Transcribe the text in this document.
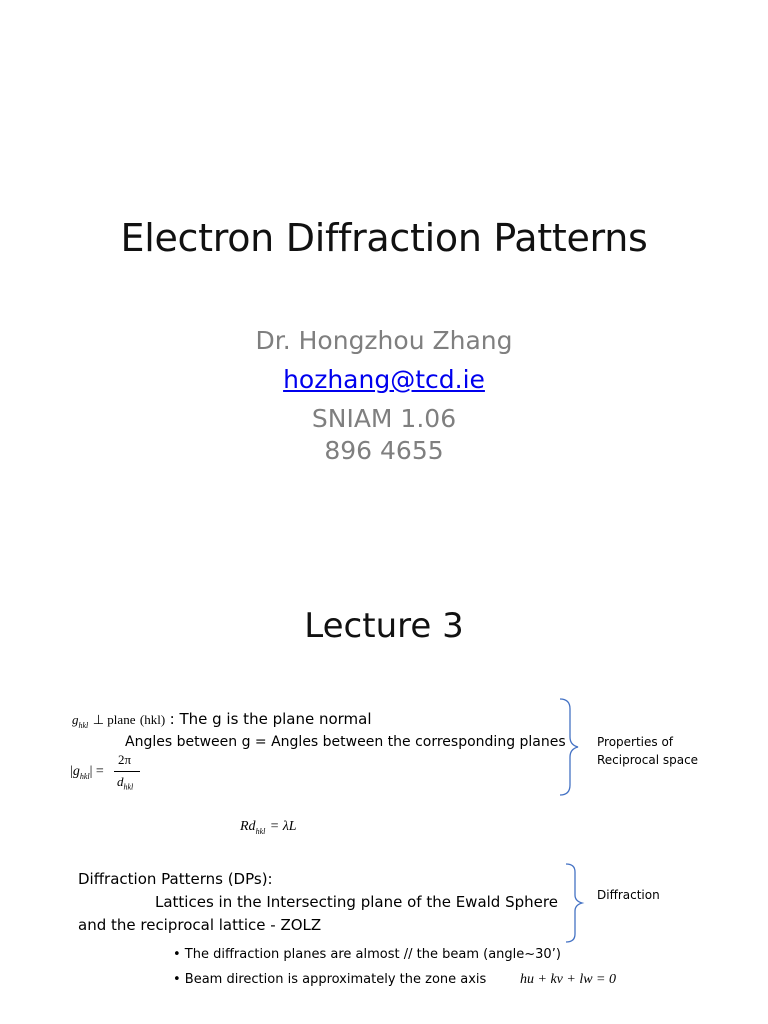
Electron Diffraction Patterns
Dr. Hongzhou Zhang
hozhang@tcd.ie
SNIAM 1.06
896 4655
Lecture 3
$g_{hkl}$ ⊥ plane (hkl) : The g is the plane normal
Angles between g = Angles between the corresponding planes
$|g_{hkl}|$ =
2π
$d_{hkl}$
Properties of
Reciprocal space
$Rd_{hkl} = \lambda L$
Diffraction Patterns (DPs):
Lattices in the Intersecting plane of the Ewald Sphere
and the reciprocal lattice - ZOLZ
Diffraction
• The diffraction planes are almost // the beam (angle~30’)
• Beam direction is approximately the zone axis hu + kv + lw = 0
